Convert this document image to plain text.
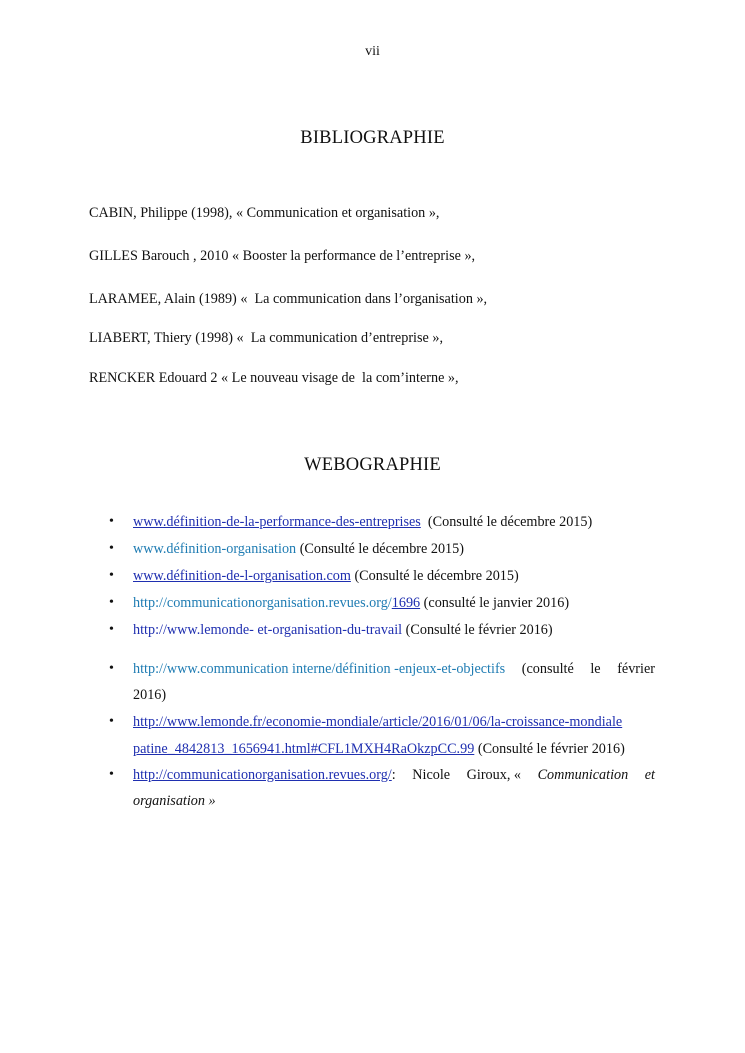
vii
BIBLIOGRAPHIE
CABIN, Philippe (1998), « Communication et organisation »,
GILLES Barouch , 2010 « Booster la performance de l’entreprise »,
LARAMEE, Alain (1989) «  La communication dans l’organisation »,
LIABERT, Thiery (1998) «  La communication d’entreprise »,
RENCKER Edouard 2 « Le nouveau visage de  la com’interne »,
WEBOGRAPHIE
•
•
•
•
•
•
•
•
www.définition-de-la-performance-des-entreprises  (Consulté le décembre 2015)
www.définition-organisation (Consulté le décembre 2015)
www.définition-de-l-organisation.com (Consulté le décembre 2015)
http://communicationorganisation.revues.org/1696 (consulté le janvier 2016)
http://www.lemonde- et-organisation-du-travail (Consulté le février 2016)
http://www.communication interne/définition -enjeux-et-objectifs (consulté le février
2016)
http://www.lemonde.fr/economie-mondiale/article/2016/01/06/la-croissance-mondiale
patine_4842813_1656941.html#CFL1MXH4RaOkzpCC.99 (Consulté le février 2016)
http://communicationorganisation.revues.org/: Nicole Giroux, « Communication et
organisation »
